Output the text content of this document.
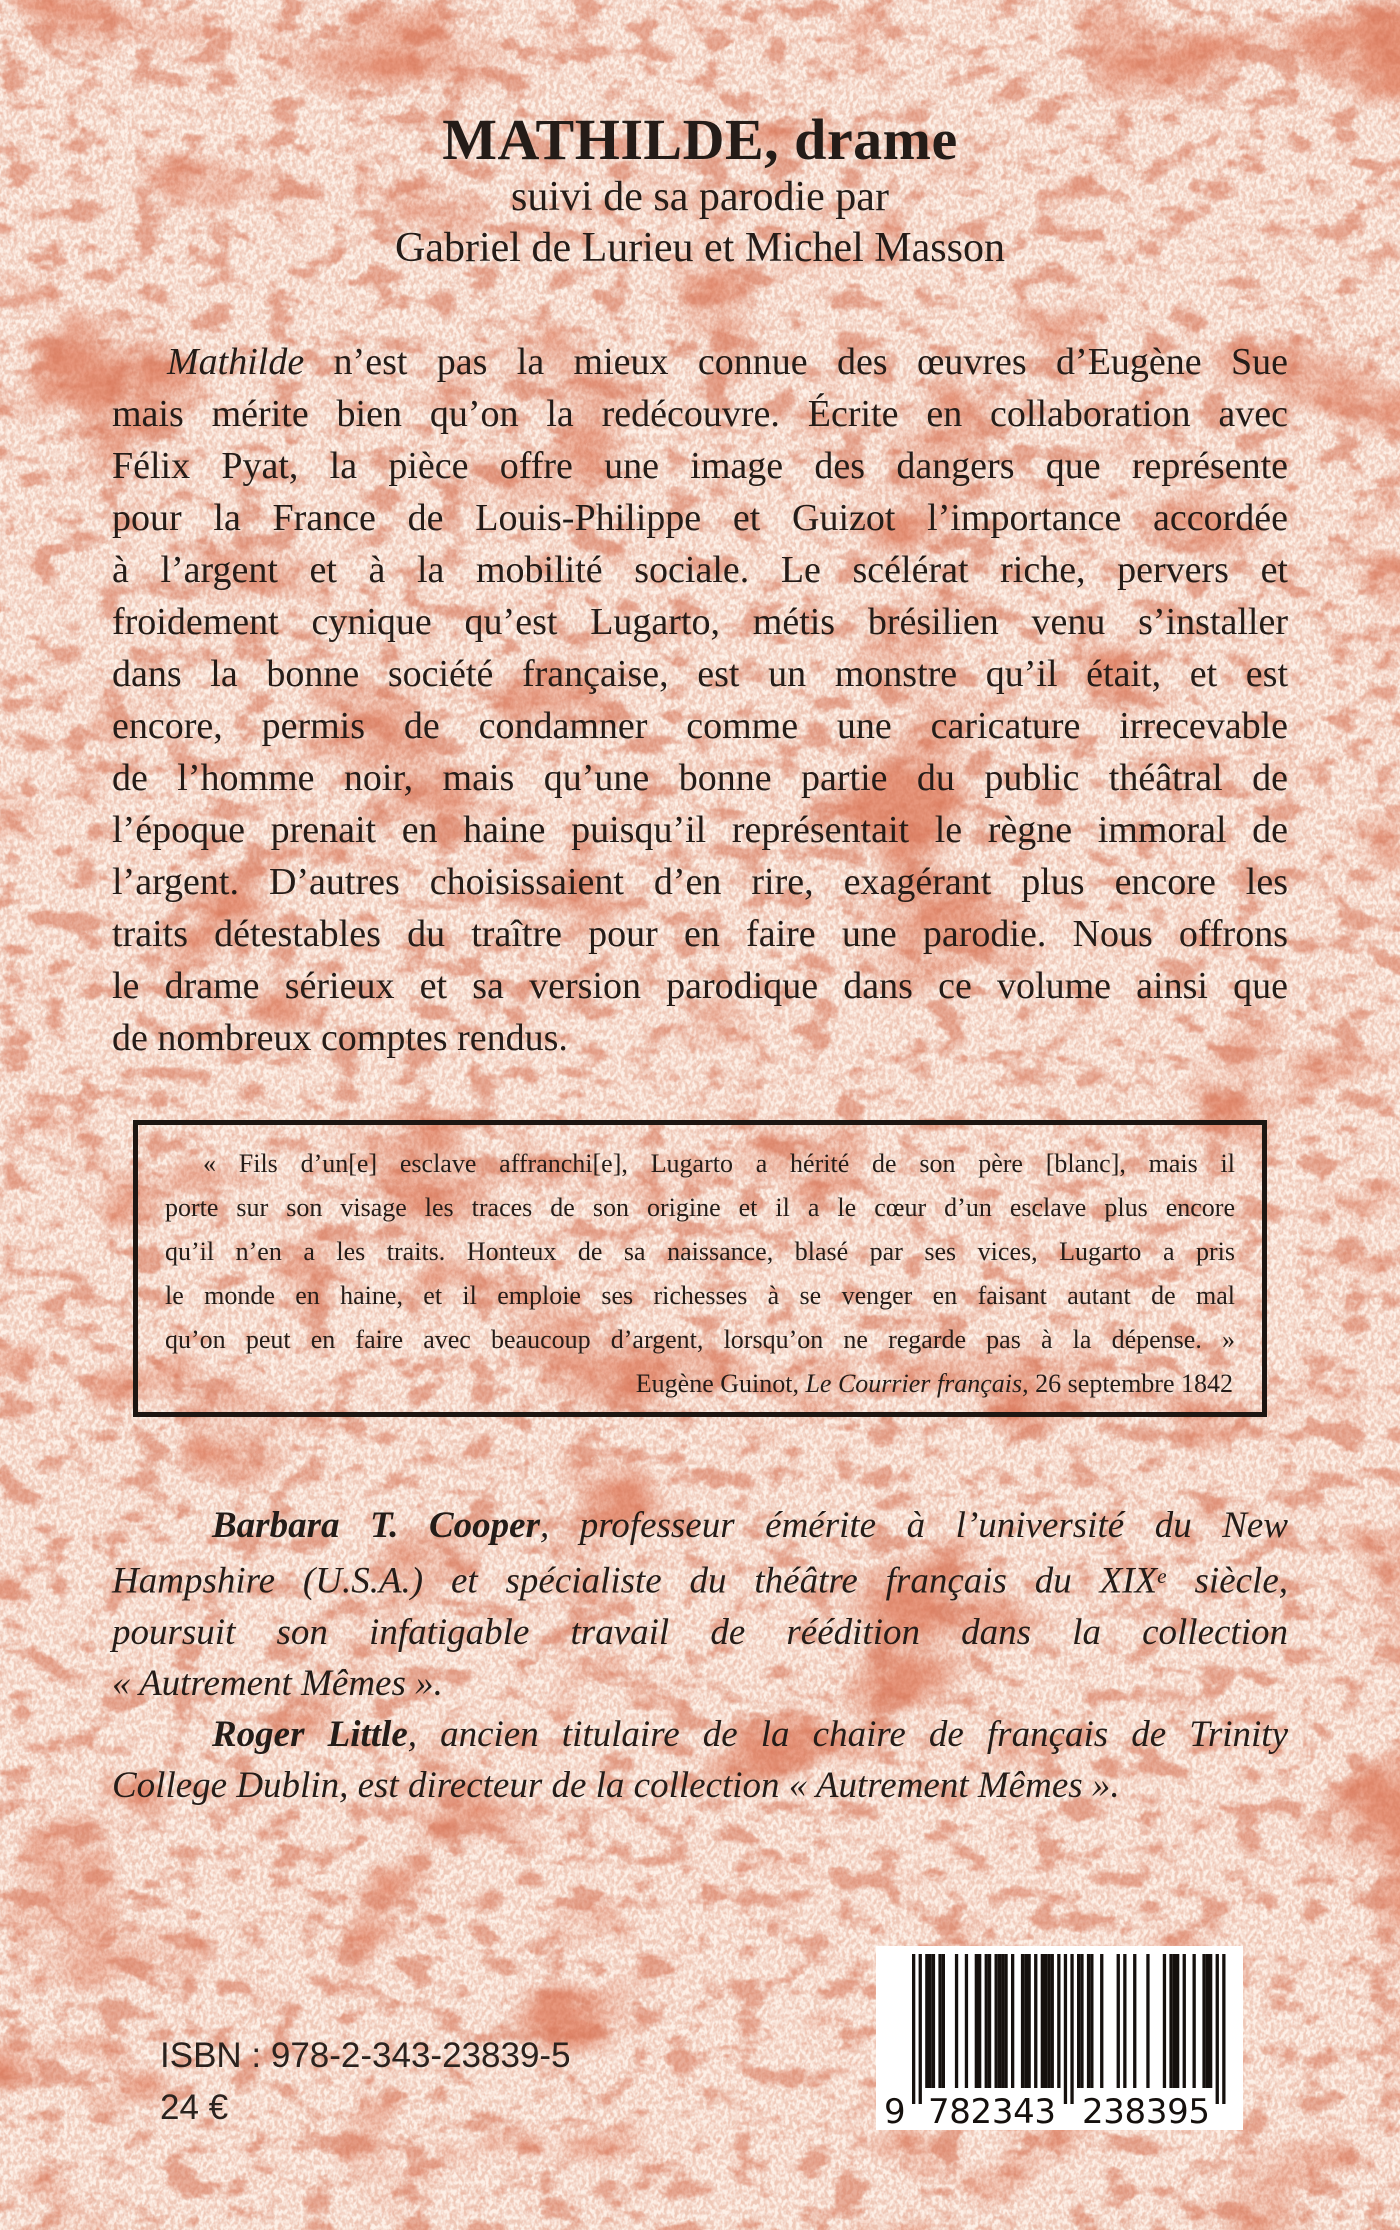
MATHILDE, drame
suivi de sa parodie par
Gabriel de Lurieu et Michel Masson
Mathilde n’est pas la mieux connue des œuvres d’Eugène Sue
mais mérite bien qu’on la redécouvre. Écrite en collaboration avec
Félix Pyat, la pièce offre une image des dangers que représente
pour la France de Louis-Philippe et Guizot l’importance accordée
à l’argent et à la mobilité sociale. Le scélérat riche, pervers et
froidement cynique qu’est Lugarto, métis brésilien venu s’installer
dans la bonne société française, est un monstre qu’il était, et est
encore, permis de condamner comme une caricature irrecevable
de l’homme noir, mais qu’une bonne partie du public théâtral de
l’époque prenait en haine puisqu’il représentait le règne immoral de
l’argent. D’autres choisissaient d’en rire, exagérant plus encore les
traits détestables du traître pour en faire une parodie. Nous offrons
le drame sérieux et sa version parodique dans ce volume ainsi que
de nombreux comptes rendus.
« Fils d’un[e] esclave affranchi[e], Lugarto a hérité de son père [blanc], mais il
porte sur son visage les traces de son origine et il a le cœur d’un esclave plus encore
qu’il n’en a les traits. Honteux de sa naissance, blasé par ses vices, Lugarto a pris
le monde en haine, et il emploie ses richesses à se venger en faisant autant de mal
qu’on peut en faire avec beaucoup d’argent, lorsqu’on ne regarde pas à la dépense. »
Eugène Guinot, Le Courrier français, 26 septembre 1842
Barbara T. Cooper, professeur émérite à l’université du New
Hampshire (U.S.A.) et spécialiste du théâtre français du XIXe siècle,
poursuit son infatigable travail de réédition dans la collection
« Autrement Mêmes ».
Roger Little, ancien titulaire de la chaire de français de Trinity
College Dublin, est directeur de la collection « Autrement Mêmes ».
ISBN : 978-2-343-23839-5
24 €	9 782343 238395
